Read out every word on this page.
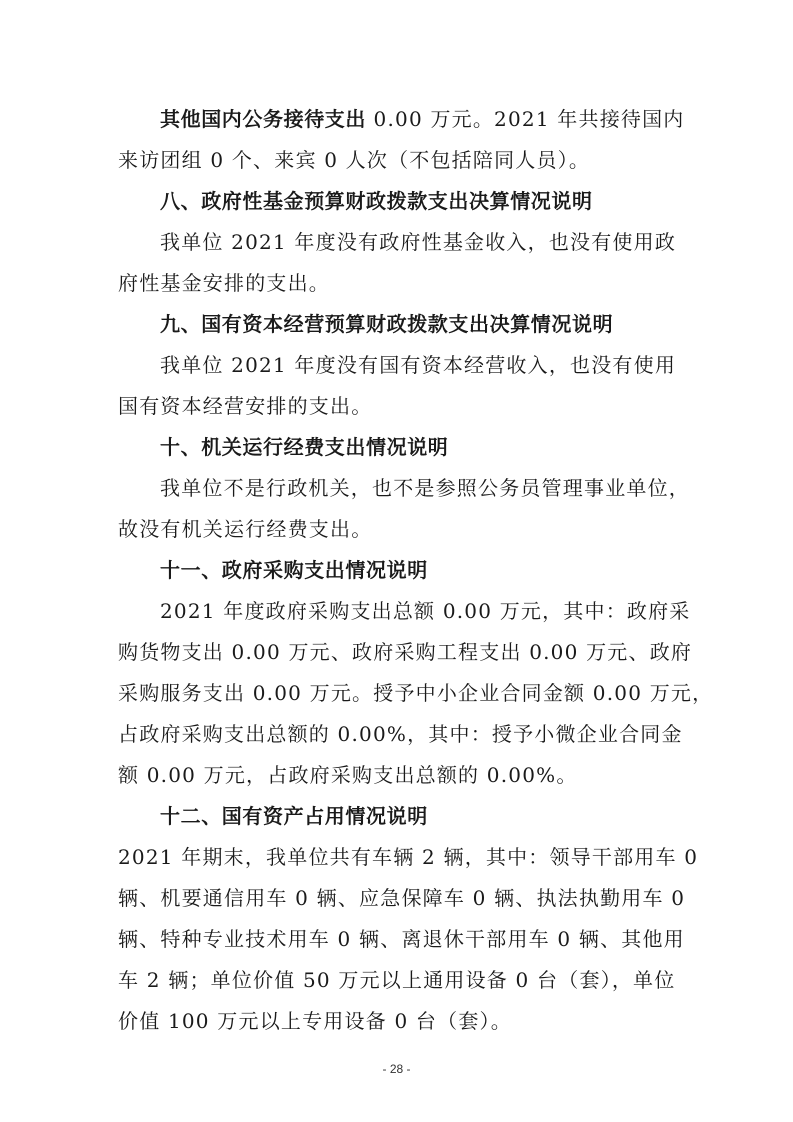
其他国内公务接待支出 0.00 万元。2021 年共接待国内
来访团组 0 个、来宾 0 人次（不包括陪同人员）。
八、政府性基金预算财政拨款支出决算情况说明
我单位 2021 年度没有政府性基金收入，也没有使用政
府性基金安排的支出。
九、国有资本经营预算财政拨款支出决算情况说明
我单位 2021 年度没有国有资本经营收入，也没有使用
国有资本经营安排的支出。
十、机关运行经费支出情况说明
我单位不是行政机关，也不是参照公务员管理事业单位，
故没有机关运行经费支出。
十一、政府采购支出情况说明
2021 年度政府采购支出总额 0.00 万元，其中：政府采
购货物支出 0.00 万元、政府采购工程支出 0.00 万元、政府
采购服务支出 0.00 万元。授予中小企业合同金额 0.00 万元，
占政府采购支出总额的 0.00%，其中：授予小微企业合同金
额 0.00 万元，占政府采购支出总额的 0.00%。
十二、国有资产占用情况说明
2021 年期末，我单位共有车辆 2 辆，其中：领导干部用车 0
辆、机要通信用车 0 辆、应急保障车 0 辆、执法执勤用车 0
辆、特种专业技术用车 0 辆、离退休干部用车 0 辆、其他用
车 2 辆；单位价值 50 万元以上通用设备 0 台（套），单位
价值 100 万元以上专用设备 0 台（套）。
- 28 -
